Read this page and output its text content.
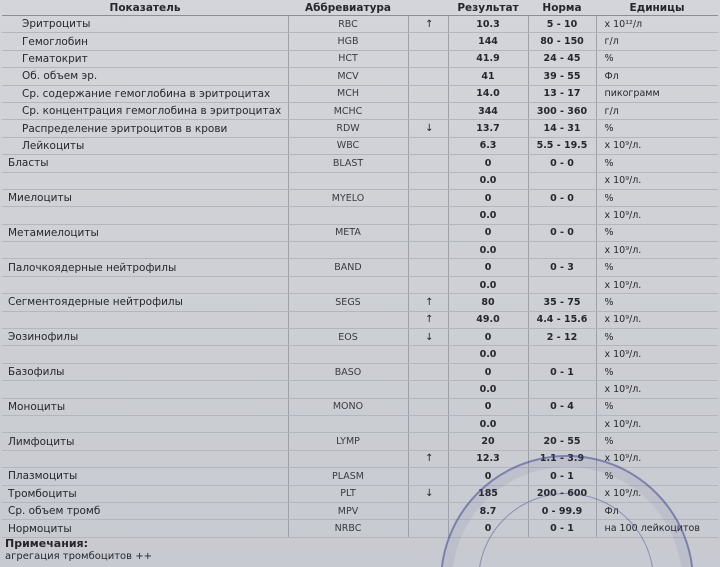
Показатель	Аббревиатура		Результат	Норма	Единицы
Эритроциты	RBC	↑	10.3	5 - 10	x 10¹²/л
Гемоглобин	HGB		144	80 - 150	г/л
Гематокрит	HCT		41.9	24 - 45	%
Об. объем эр.	MCV		41	39 - 55	Фл
Ср. содержание гемоглобина в эритроцитах	MCH		14.0	13 - 17	пикограмм
Ср. концентрация гемоглобина в эритроцитах	MCHC		344	300 - 360	г/л
Распределение эритроцитов в крови	RDW	↓	13.7	14 - 31	%
Лейкоциты	WBC		6.3	5.5 - 19.5	x 10⁹/л.
Бласты	BLAST		0	0 - 0	%
			0.0		x 10⁹/л.
Миелоциты	MYELO		0	0 - 0	%
			0.0		x 10⁹/л.
Метамиелоциты	META		0	0 - 0	%
			0.0		x 10⁹/л.
Палочкоядерные нейтрофилы	BAND		0	0 - 3	%
			0.0		x 10⁹/л.
Сегментоядерные нейтрофилы	SEGS	↑	80	35 - 75	%
		↑	49.0	4.4 - 15.6	x 10⁹/л.
Эозинофилы	EOS	↓	0	2 - 12	%
			0.0		x 10⁹/л.
Базофилы	BASO		0	0 - 1	%
			0.0		x 10⁹/л.
Моноциты	MONO		0	0 - 4	%
			0.0		x 10⁹/л.
Лимфоциты	LYMP		20	20 - 55	%
		↑	12.3	1.1 - 3.9	x 10⁹/л.
Плазмоциты	PLASM		0	0 - 1	%
Тромбоциты	PLT	↓	185	200 - 600	x 10⁹/л.
Ср. объем тромб	MPV		8.7	0 - 99.9	Фл
Нормоциты	NRBC		0	0 - 1	на 100 лейкоцитов
Примечания:
агрегация тромбоцитов ++
